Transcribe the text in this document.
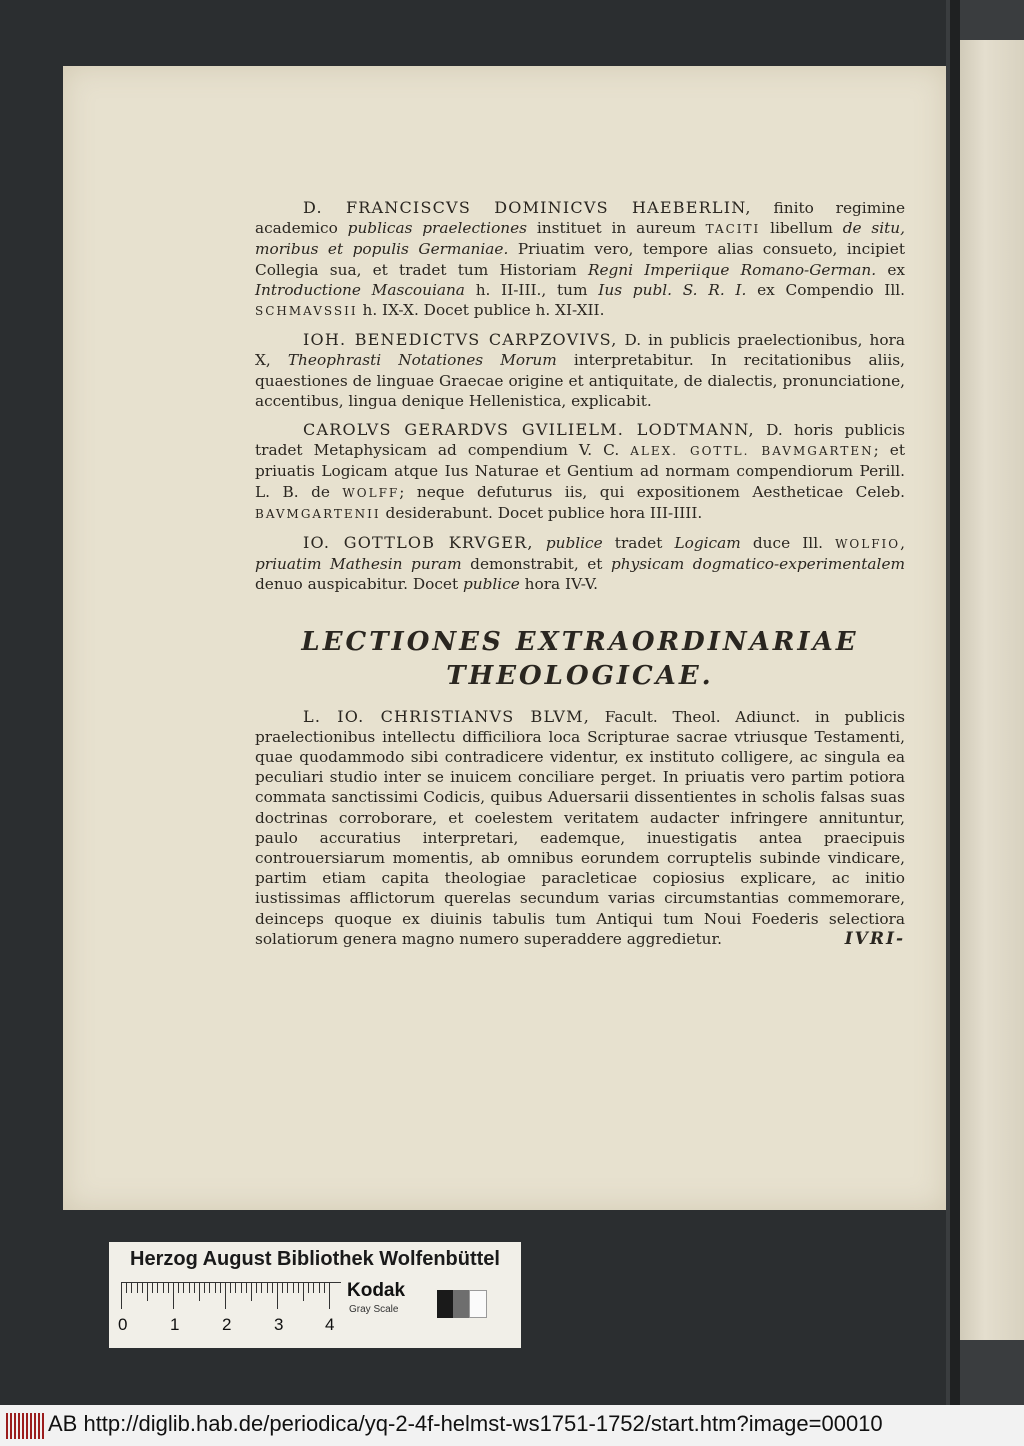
D. FRANCISCVS DOMINICVS HAEBERLIN, finito regimine academico publicas praelectiones instituet in aureum TACITI libellum de situ, moribus et populis Germaniae. Priuatim vero, tempore alias consueto, incipiet Collegia sua, et tradet tum Historiam Regni Imperiique Romano-German. ex Introductione Mascouiana h. II-III., tum Ius publ. S. R. I. ex Compendio Ill. SCHMAVSSII h. IX-X. Docet publice h. XI-XII.

IOH. BENEDICTVS CARPZOVIVS, D. in publicis praelectionibus, hora X, Theophrasti Notationes Morum interpretabitur. In recitationibus aliis, quaestiones de linguae Graecae origine et antiquitate, de dialectis, pronunciatione, accentibus, lingua denique Hellenistica, explicabit.

CAROLVS GERARDVS GVILIELM. LODTMANN, D. horis publicis tradet Metaphysicam ad compendium V. C. ALEX. GOTTL. BAVMGARTEN; et priuatis Logicam atque Ius Naturae et Gentium ad normam compendiorum Perill. L. B. de WOLFF; neque defuturus iis, qui expositionem Aestheticae Celeb. BAVMGARTENII desiderabunt. Docet publice hora III-IIII.

IO. GOTTLOB KRVGER, publice tradet Logicam duce Ill. WOLFIO, priuatim Mathesin puram demonstrabit, et physicam dogmatico-experimentalem denuo auspicabitur. Docet publice hora IV-V.

LECTIONES EXTRAORDINARIAE
THEOLOGICAE.

L. IO. CHRISTIANVS BLVM, Facult. Theol. Adiunct. in publicis praelectionibus intellectu difficiliora loca Scripturae sacrae vtriusque Testamenti, quae quodammodo sibi contradicere videntur, ex instituto colligere, ac singula ea peculiari studio inter se inuicem conciliare perget. In priuatis vero partim potiora commata sanctissimi Codicis, quibus Aduersarii dissentientes in scholis falsas suas doctrinas corroborare, et coelestem veritatem audacter infringere annituntur, paulo accuratius interpretari, eademque, inuestigatis antea praecipuis controuersiarum momentis, ab omnibus eorundem corruptelis subinde vindicare, partim etiam capita theologiae paracleticae copiosius explicare, ac initio iustissimas afflictorum querelas secundum varias circumstantias commemorare, deinceps quoque ex diuinis tabulis tum Antiqui tum Noui Foederis selectiora solatiorum genera magno numero superaddere aggredietur.	IVRI-
Herzog August Bibliothek Wolfenbüttel
0	1	2	3 4
Kodak
Gray Scale
AB http://diglib.hab.de/periodica/yq-2-4f-helmst-ws1751-1752/start.htm?image=00010
